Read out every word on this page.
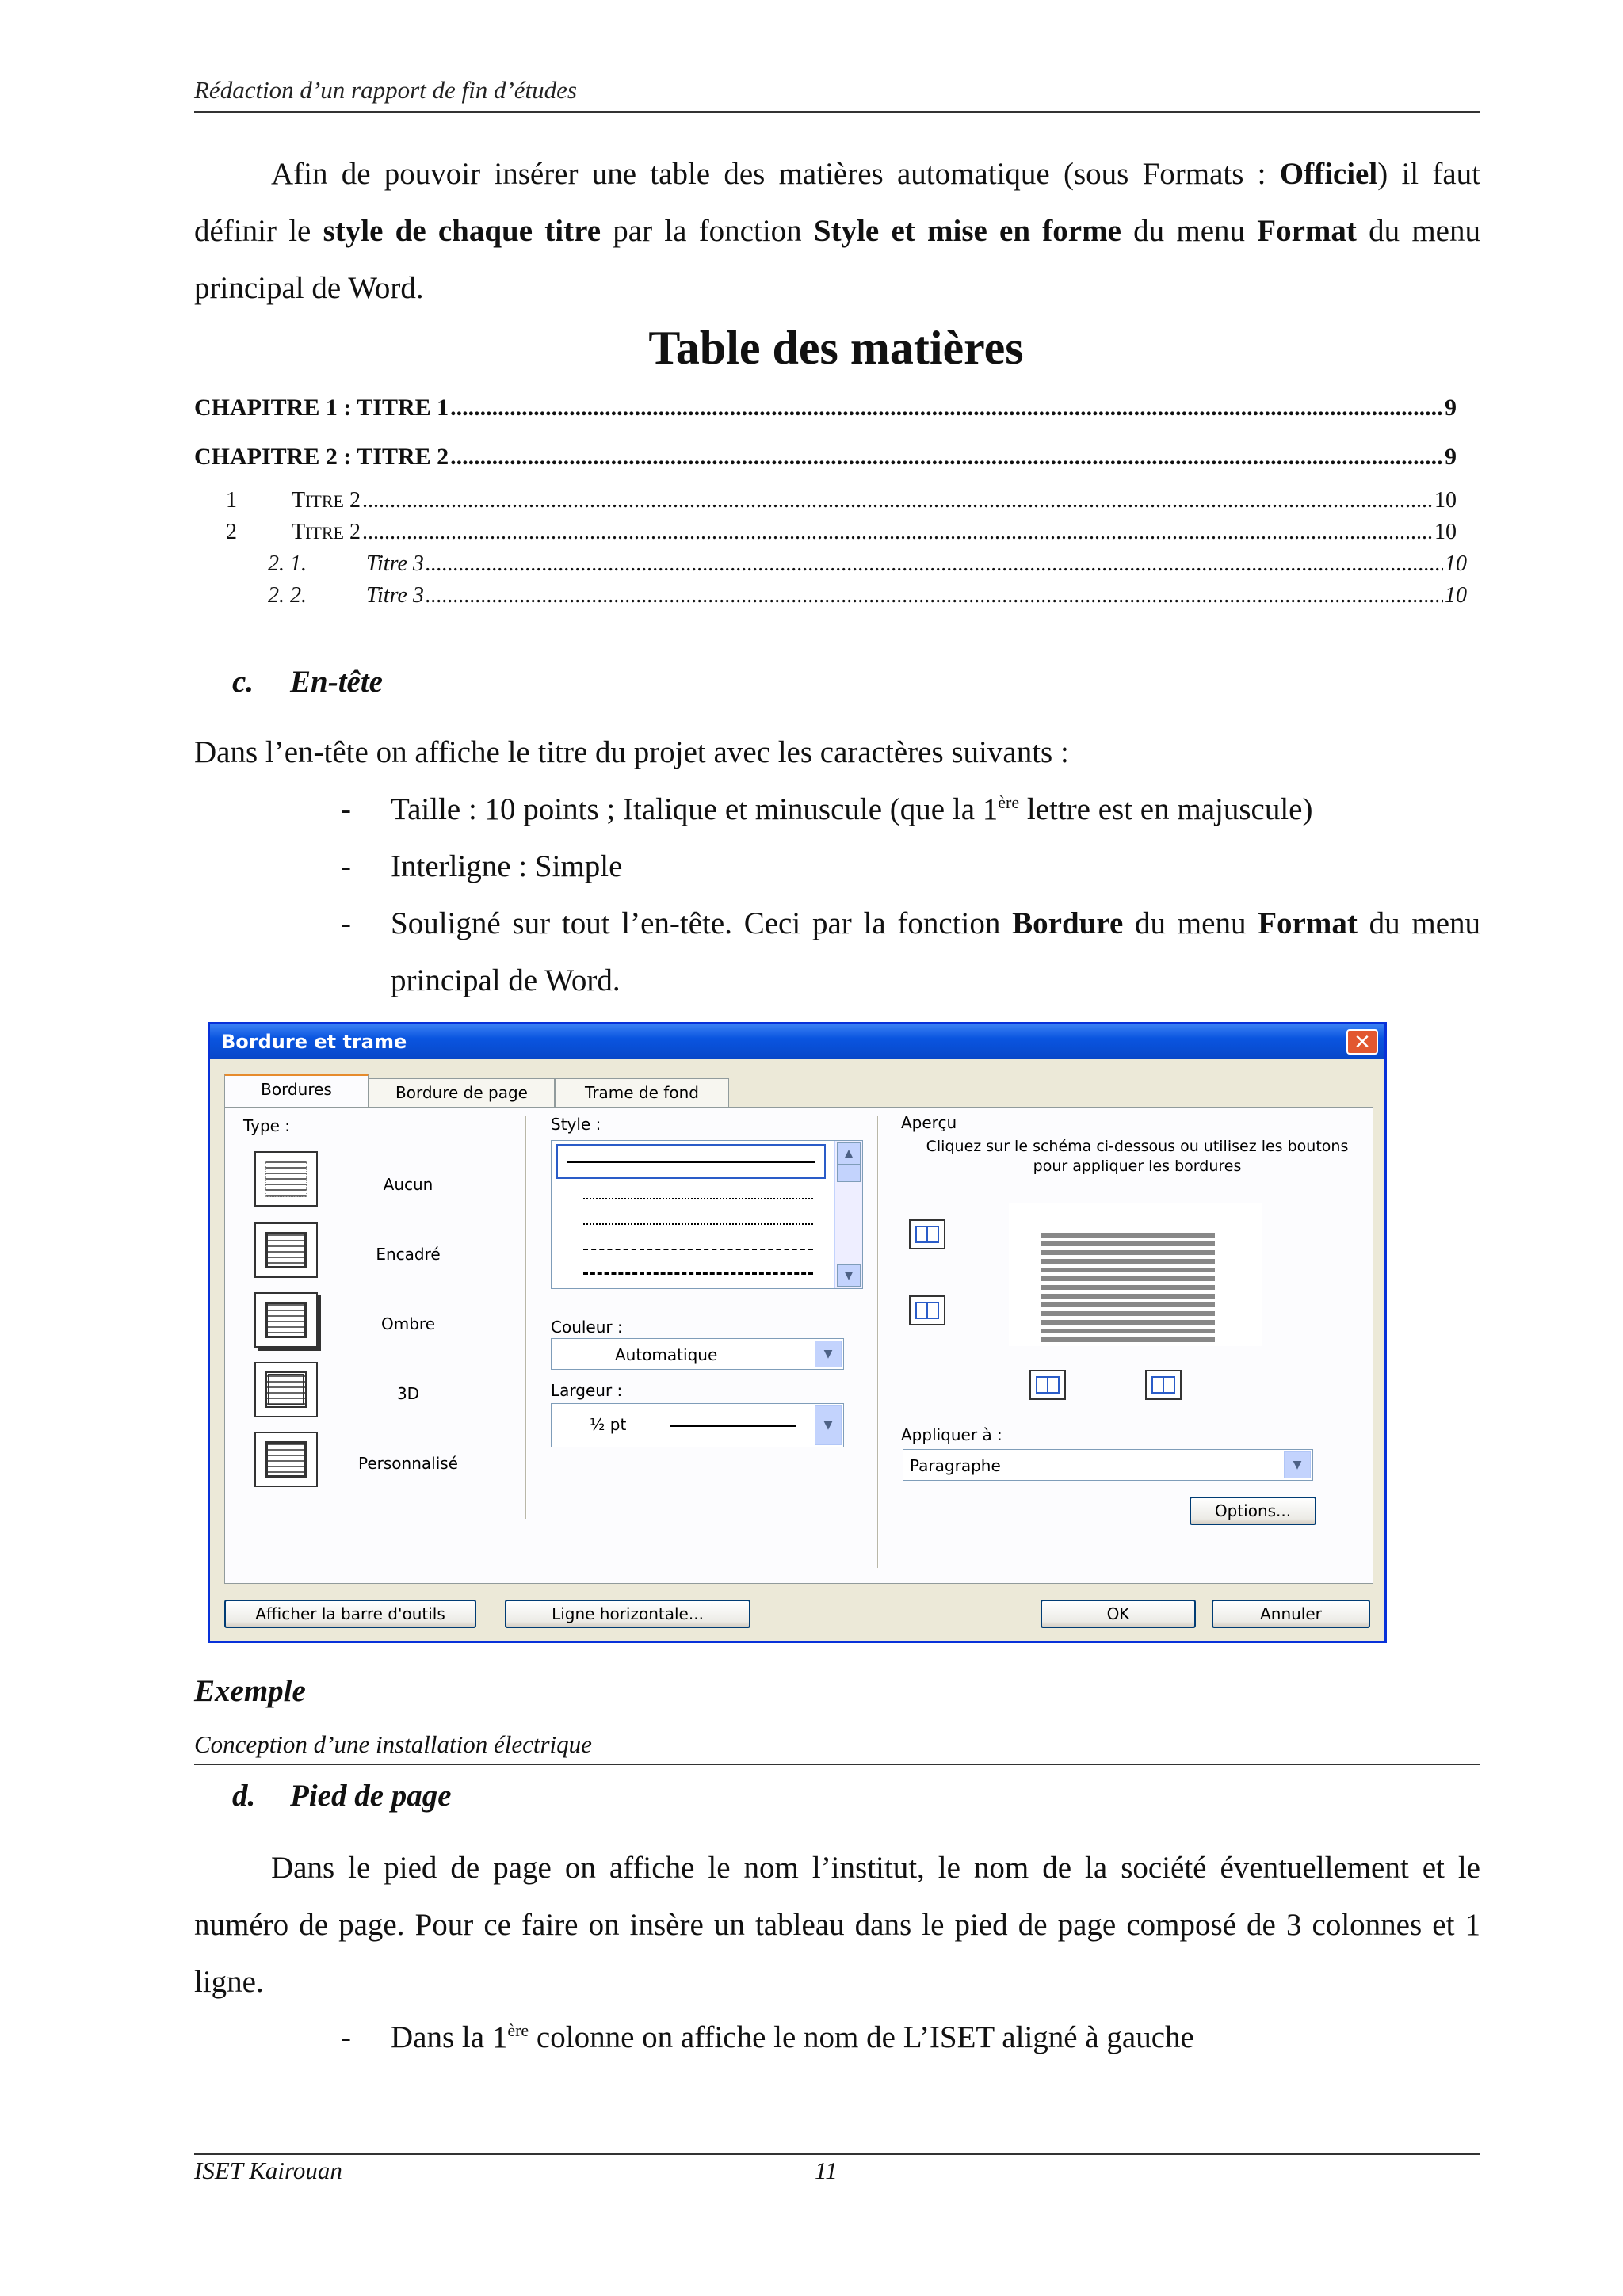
Rédaction d’un rapport de fin d’études
Afin de pouvoir insérer une table des matières automatique (sous Formats : Officiel) il faut définir le style de chaque titre par la fonction Style et mise en forme du menu Format du menu principal de Word.
Table des matières
CHAPITRE 1 : TITRE 1 .....	9
CHAPITRE 2 : TITRE 2 .....	9
1 TITRE 2 .....	10
2 TITRE 2 .....	10
2. 1.	Titre 3 .....	10
2. 2.	Titre 3 .....	10
c. En-tête
Dans l’en-tête on affiche le titre du projet avec les caractères suivants :
- Taille : 10 points ; Italique et minuscule (que la 1ère lettre est en majuscule)
- Interligne : Simple
- Souligné sur tout l’en-tête. Ceci par la fonction Bordure du menu Format du menu principal de Word.
Bordure et trame	✕
Bordure de page	Trame de fond
Bordures
Type :
Aucun
Encadré
Ombre
3D
Personnalisé
Style :
▲
▼
Couleur :
Automatique	▼
Largeur :
½ pt	▼
Aperçu
Cliquez sur le schéma ci-dessous ou utilisez les boutons pour appliquer les bordures
Appliquer à :
Paragraphe	▼
Options...
Afficher la barre d'outils	Ligne horizontale...	OK	Annuler
Exemple
Conception d’une installation électrique
d. Pied de page
Dans le pied de page on affiche le nom l’institut, le nom de la société éventuellement et le numéro de page. Pour ce faire on insère un tableau dans le pied de page composé de 3 colonnes et 1 ligne.
- Dans la 1ère colonne on affiche le nom de L’ISET aligné à gauche
ISET Kairouan	11
